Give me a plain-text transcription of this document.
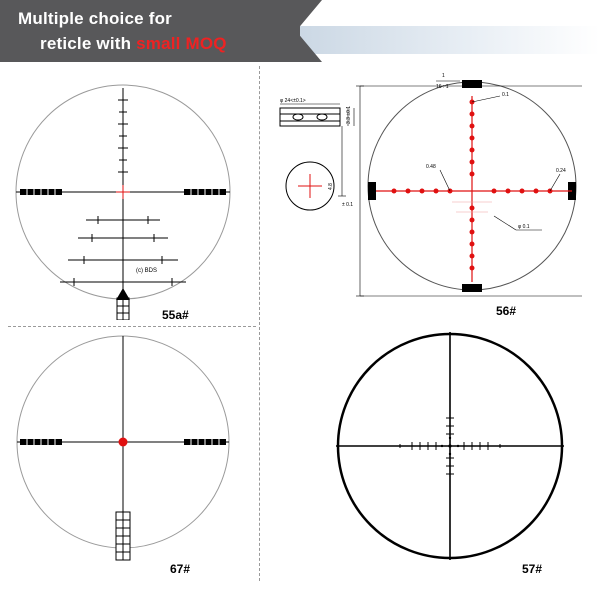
Multiple choice for
reticle with small MOQ
(c) BDS
55a#
φ 24<±0.1>
3.3 ±0.1
4.8
± 0.1
0.1
0.48
0.24
φ 0.1
1
16 : 1
56#
67#	57#
